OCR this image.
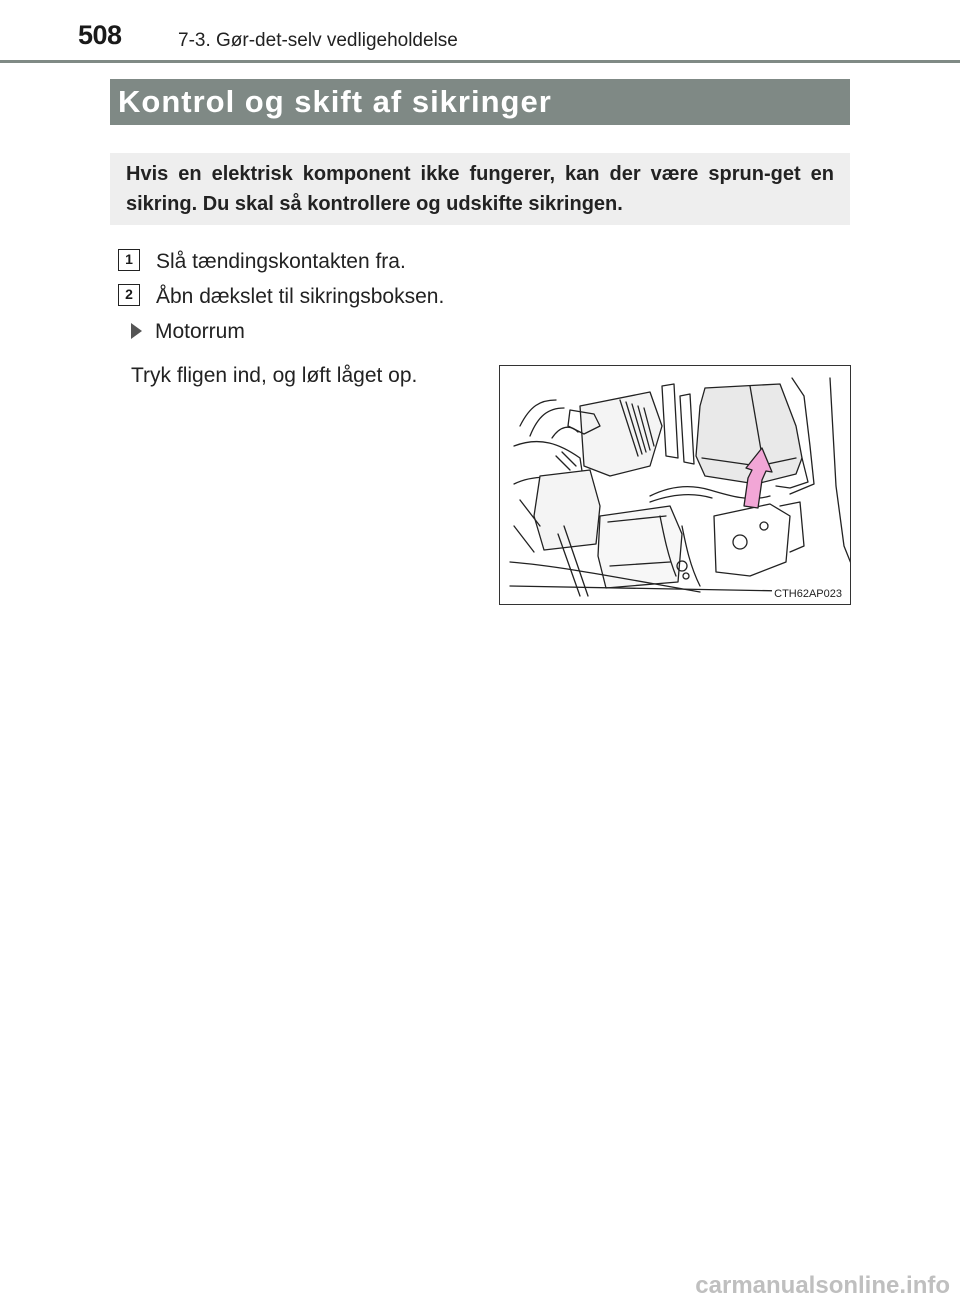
508	7-3. Gør-det-selv vedligeholdelse
Kontrol og skift af sikringer
Hvis en elektrisk komponent ikke fungerer, kan der være sprun-get en sikring. Du skal så kontrollere og udskifte sikringen.
1	Slå tændingskontakten fra.
2	Åbn dækslet til sikringsboksen.
Motorrum
Tryk fligen ind, og løft låget op.
CTH62AP023
carmanualsonline.info
